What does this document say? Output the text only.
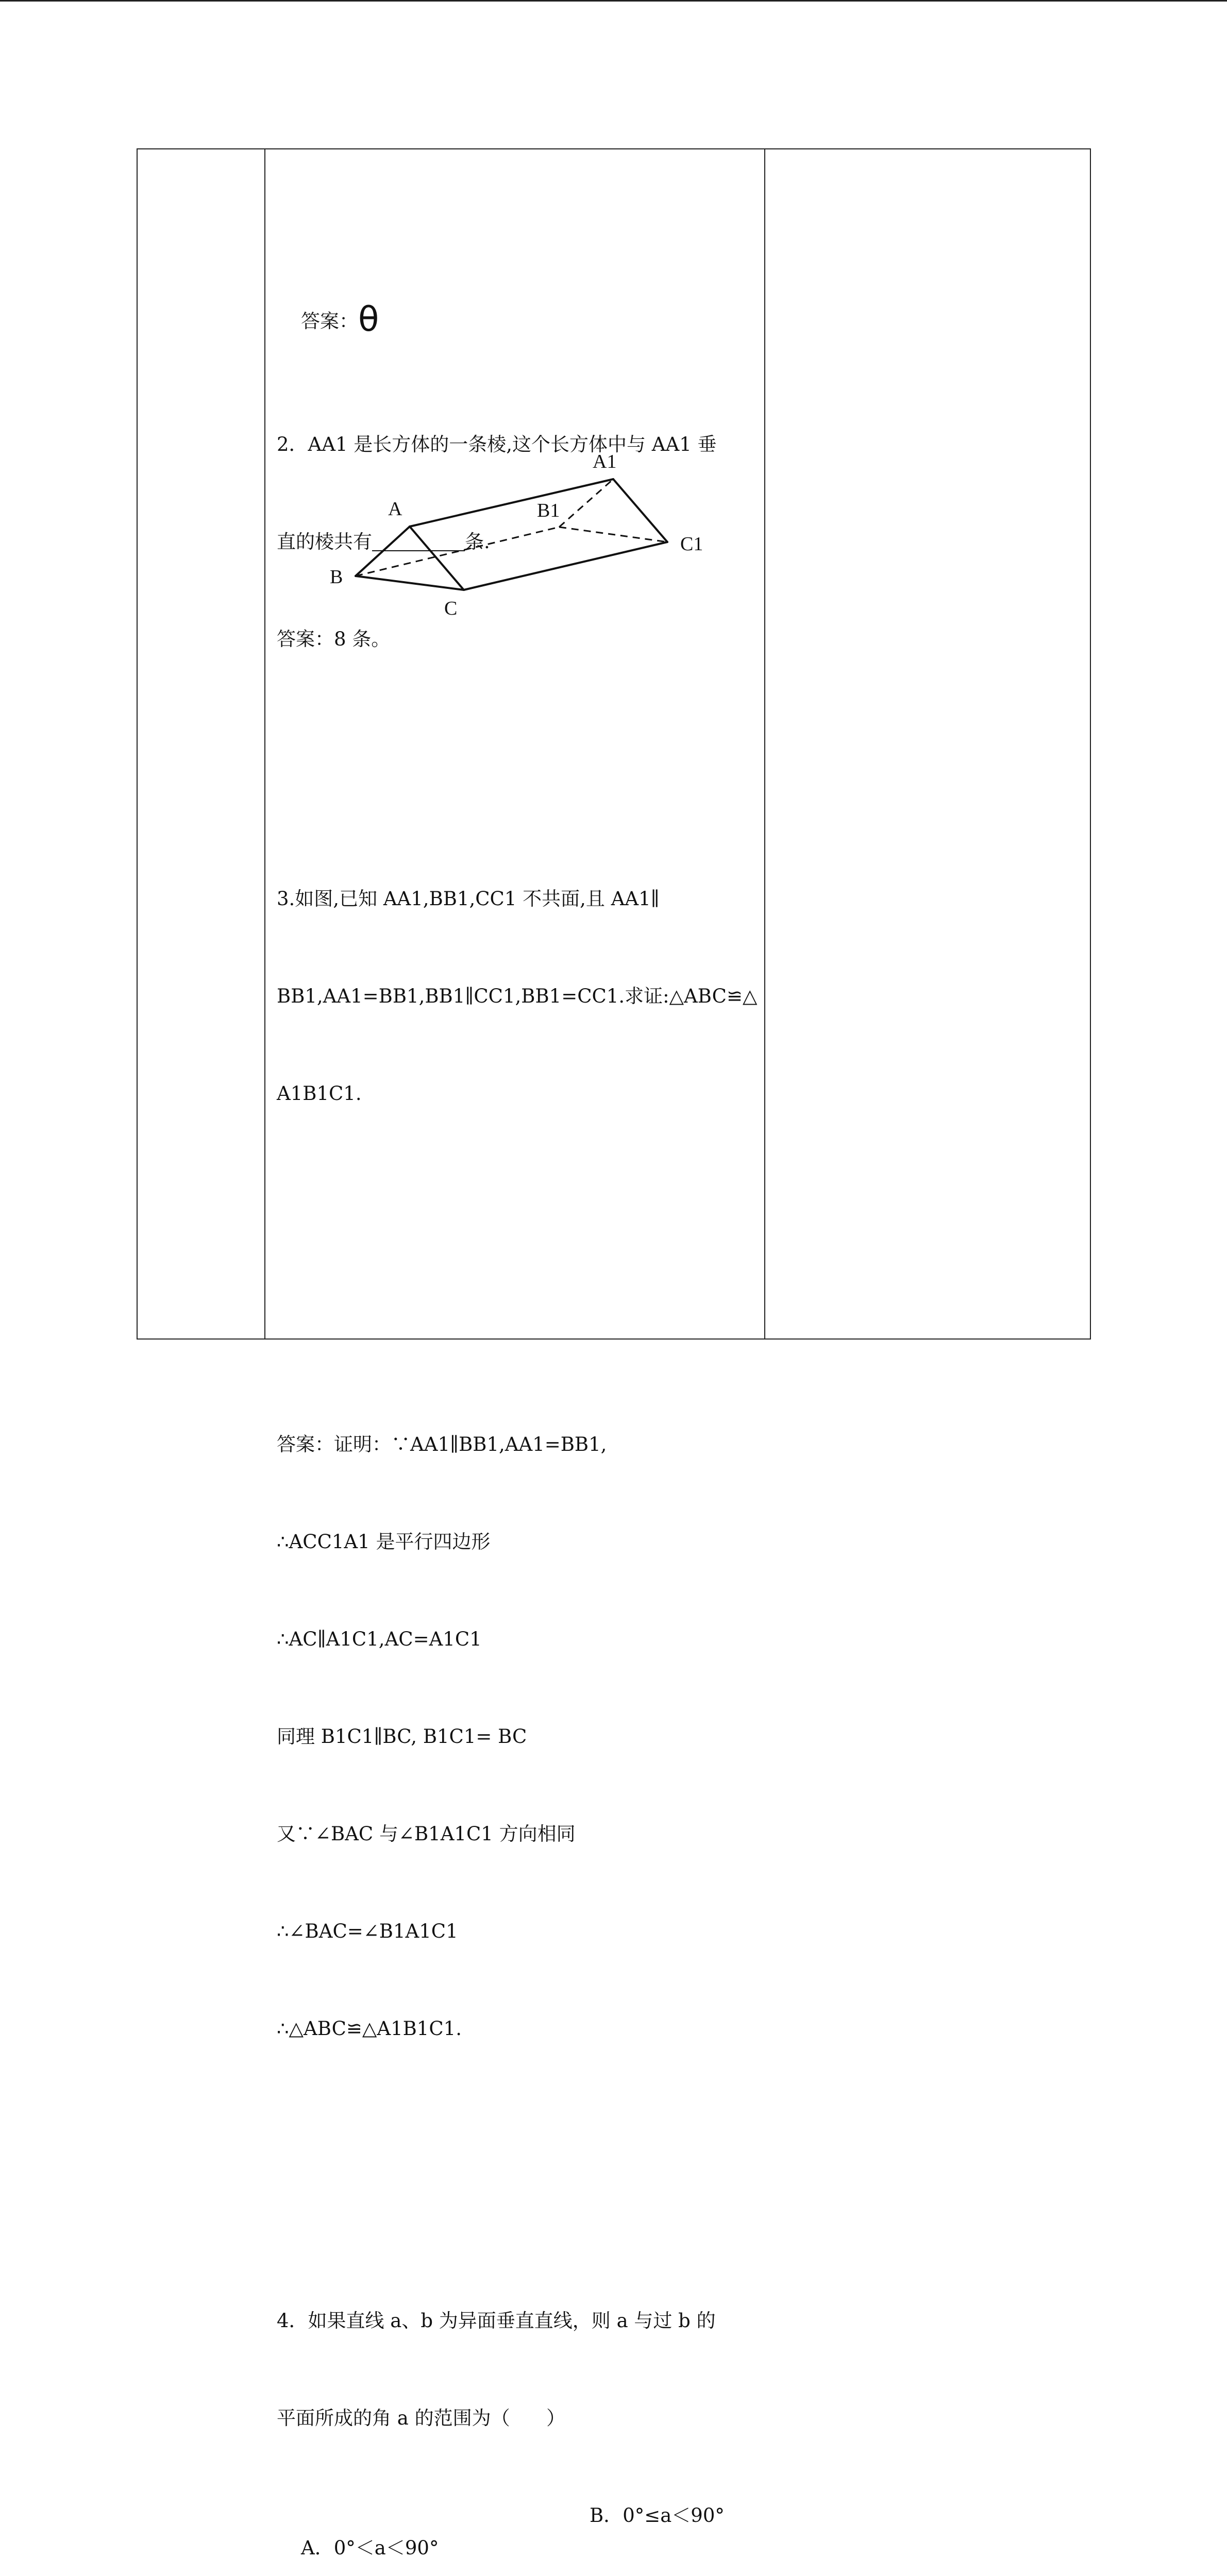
答案：θ

2．AA1 是长方体的一条棱,这个长方体中与 AA1 垂

直的棱共有	条.

答案：8 条。

3.如图,已知 AA1,BB1,CC1 不共面,且 AA1∥

BB1,AA1=BB1,BB1∥CC1,BB1=CC1.求证:△ABC≌△

A1B1C1.

答案：证明：∵AA1∥BB1,AA1=BB1,

∴ACC1A1 是平行四边形

∴AC∥A1C1,AC=A1C1

同理 B1C1∥BC, B1C1= BC

又∵∠BAC 与∠B1A1C1 方向相同

∴∠BAC=∠B1A1C1

∴△ABC≌△A1B1C1.

4．如果直线 a、b 为异面垂直直线，则 a 与过 b 的

平面所成的角 a 的范围为（      ）

A．0°＜a＜90°

B．0°≤a＜90°

A1
A	B1
C1
B
C
